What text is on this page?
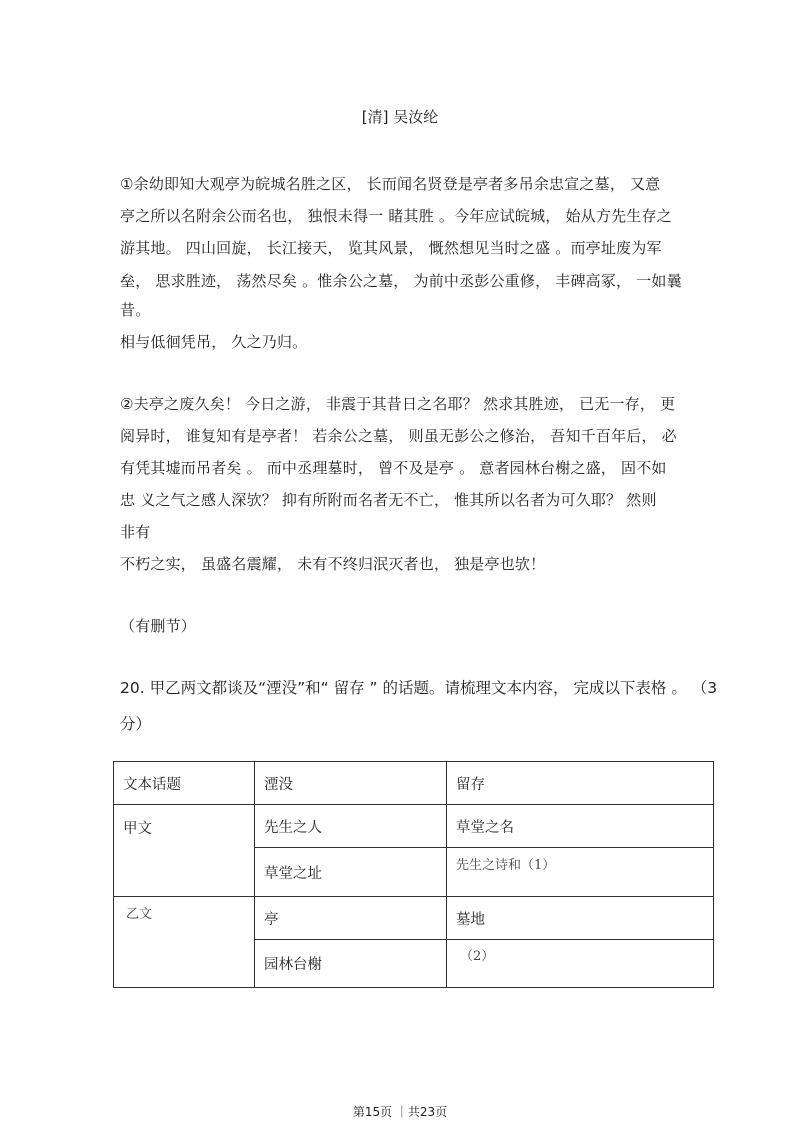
[清] 吴汝纶
①余幼即知大观亭为皖城名胜之区， 长而闻名贤登是亭者多吊余忠宣之墓， 又意
亭之所以名附余公而名也， 独恨未得一 睹其胜 。今年应试皖城， 始从方先生存之
游其地。 四山回旋， 长江接天， 览其风景， 慨然想见当时之盛 。而亭址废为军
垒， 思求胜迹， 荡然尽矣 。惟余公之墓， 为前中丞彭公重修， 丰碑高冢， 一如曩
昔。
相与低徊凭吊， 久之乃归。
②夫亭之废久矣！ 今日之游， 非震于其昔日之名耶？ 然求其胜迹， 已无一存， 更
阅异时， 谁复知有是亭者！ 若余公之墓， 则虽无彭公之修治， 吾知千百年后， 必
有凭其墟而吊者矣 。 而中丞理墓时， 曾不及是亭 。 意者园林台榭之盛， 固不如
忠 义之气之感人深欤？ 抑有所附而名者无不亡， 惟其所以名者为可久耶？ 然则
非有
不朽之实， 虽盛名震耀， 未有不终归泯灭者也， 独是亭也欤！
（有删节）
20. 甲乙两文都谈及“湮没”和“ 留存 ” 的话题。请梳理文本内容， 完成以下表格 。 （3
分）
文本话题	湮没	留存
甲文	先生之人	草堂之名
	草堂之址	先生之诗和（1）
乙文	亭	墓地
	园林台榭	（2）
第15页 ｜共23页
